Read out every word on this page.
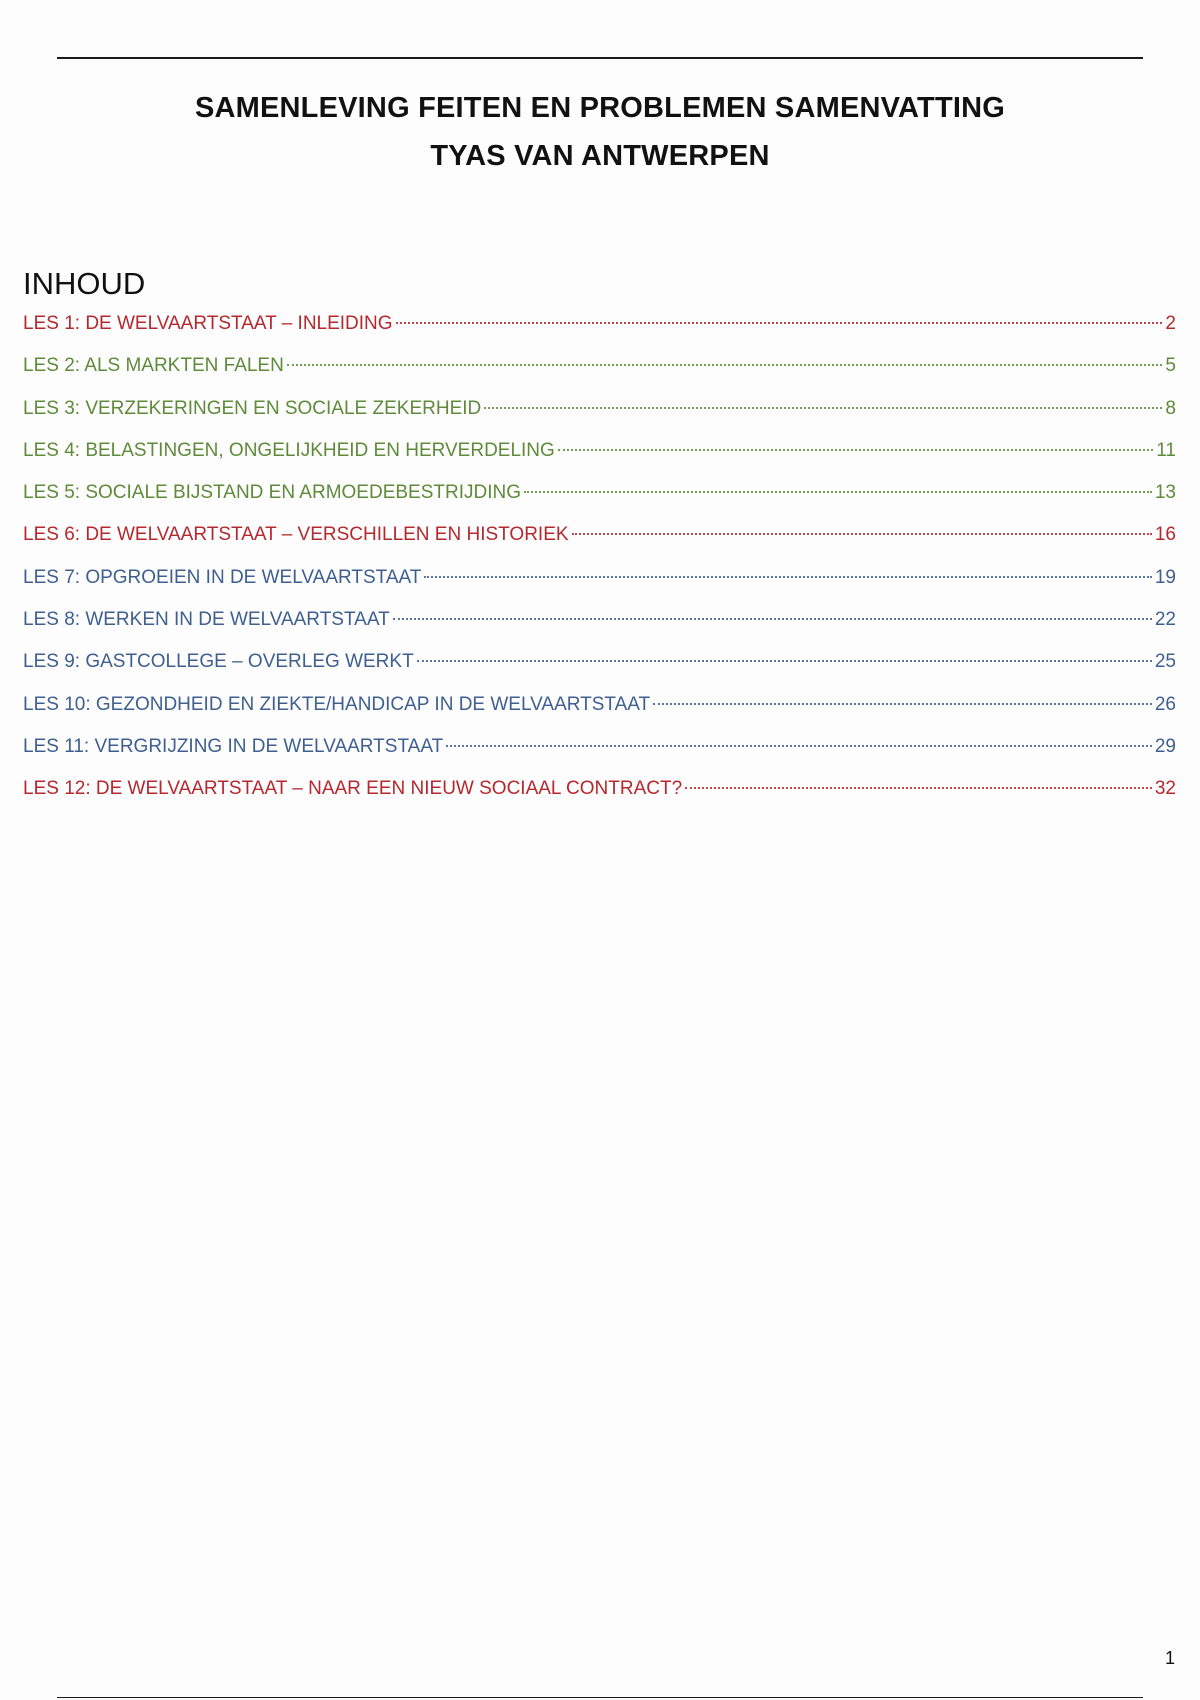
SAMENLEVING FEITEN EN PROBLEMEN SAMENVATTING
TYAS VAN ANTWERPEN
INHOUD
LES 1: DE WELVAARTSTAAT – INLEIDING	2
LES 2: ALS MARKTEN FALEN	5
LES 3: VERZEKERINGEN EN SOCIALE ZEKERHEID	8
LES 4: BELASTINGEN, ONGELIJKHEID EN HERVERDELING	11
LES 5: SOCIALE BIJSTAND EN ARMOEDEBESTRIJDING	13
LES 6: DE WELVAARTSTAAT – VERSCHILLEN EN HISTORIEK	16
LES 7: OPGROEIEN IN DE WELVAARTSTAAT	19
LES 8: WERKEN IN DE WELVAARTSTAAT	22
LES 9: GASTCOLLEGE – OVERLEG WERKT	25
LES 10: GEZONDHEID EN ZIEKTE/HANDICAP IN DE WELVAARTSTAAT	26
LES 11: VERGRIJZING IN DE WELVAARTSTAAT	29
LES 12: DE WELVAARTSTAAT – NAAR EEN NIEUW SOCIAAL CONTRACT?	32
1
